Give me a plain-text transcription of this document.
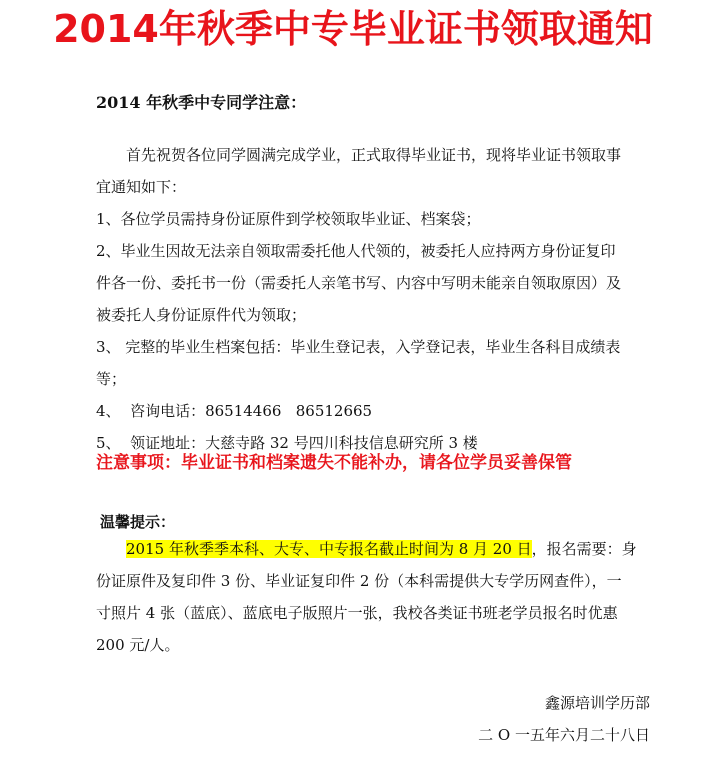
2014年秋季中专毕业证书领取通知
2014 年秋季中专同学注意：

首先祝贺各位同学圆满完成学业，正式取得毕业证书，现将毕业证书领取事

宜通知如下：

1、各位学员需持身份证原件到学校领取毕业证、档案袋；

2、毕业生因故无法亲自领取需委托他人代领的，被委托人应持两方身份证复印

件各一份、委托书一份（需委托人亲笔书写、内容中写明未能亲自领取原因）及

被委托人身份证原件代为领取；

3、 完整的毕业生档案包括：毕业生登记表，入学登记表，毕业生各科目成绩表

等；

4、  咨询电话：86514466   86512665

5、  领证地址：大慈寺路 32 号四川科技信息研究所 3 楼

注意事项：毕业证书和档案遗失不能补办，请各位学员妥善保管
温馨提示：

2015 年秋季季本科、大专、中专报名截止时间为 8 月 20 日，报名需要：身

份证原件及复印件 3 份、毕业证复印件 2 份（本科需提供大专学历网查件），一

寸照片 4 张（蓝底）、蓝底电子版照片一张，我校各类证书班老学员报名时优惠

200 元/人。

鑫源培训学历部
二 O 一五年六月二十八日
